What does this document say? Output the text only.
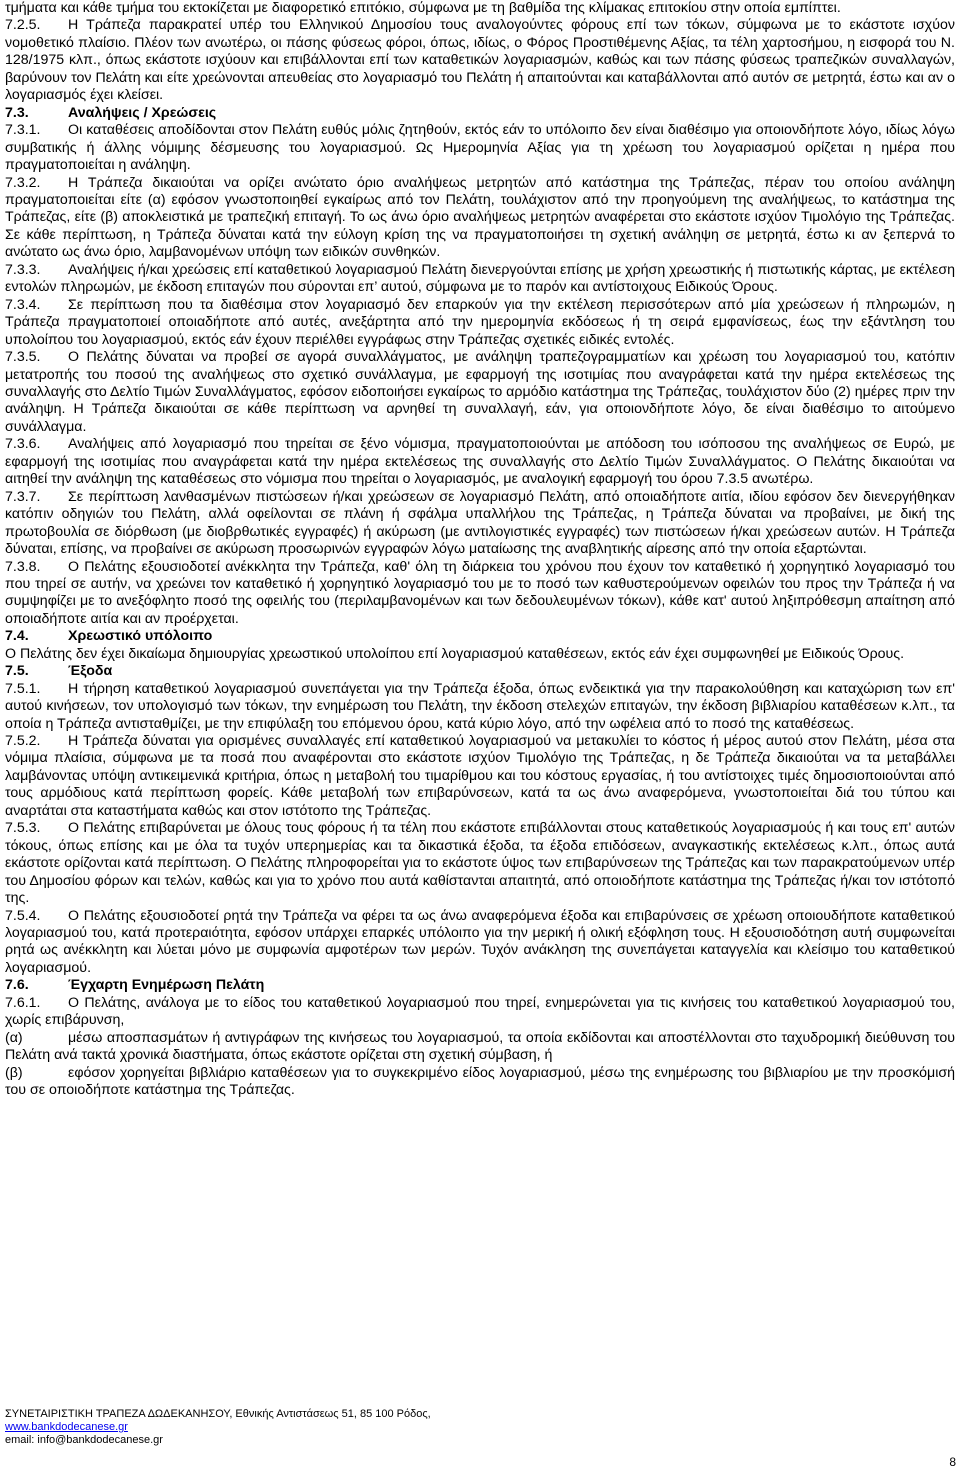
τμήματα και κάθε τμήμα του εκτοκίζεται με διαφορετικό επιτόκιο, σύμφωνα με τη βαθμίδα της κλίμακας επιτοκίου στην οποία εμπίπτει.

7.2.5. Η Τράπεζα παρακρατεί υπέρ του Ελληνικού Δημοσίου τους αναλογούντες φόρους επί των τόκων, σύμφωνα με το εκάστοτε ισχύον νομοθετικό πλαίσιο. Πλέον των ανωτέρω, οι πάσης φύσεως φόροι, όπως, ιδίως, ο Φόρος Προστιθέμενης Αξίας, τα τέλη χαρτοσήμου, η εισφορά του Ν. 128/1975 κλπ., όπως εκάστοτε ισχύουν και επιβάλλονται επί των καταθετικών λογαριασμών, καθώς και των πάσης φύσεως τραπεζικών συναλλαγών, βαρύνουν τον Πελάτη και είτε χρεώνονται απευθείας στο λογαριασμό του Πελάτη ή απαιτούνται και καταβάλλονται από αυτόν σε μετρητά, έστω και αν ο λογαριασμός έχει κλείσει.

7.3.	Αναλήψεις / Χρεώσεις

7.3.1. Οι καταθέσεις αποδίδονται στον Πελάτη ευθύς μόλις ζητηθούν, εκτός εάν το υπόλοιπο δεν είναι διαθέσιμο για οποιονδήποτε λόγο, ιδίως λόγω συμβατικής ή άλλης νόμιμης δέσμευσης του λογαριασμού. Ως Ημερομηνία Αξίας για τη χρέωση του λογαριασμού ορίζεται η ημέρα που πραγματοποιείται η ανάληψη.

7.3.2. Η Τράπεζα δικαιούται να ορίζει ανώτατο όριο αναλήψεως μετρητών από κατάστημα της Τράπεζας, πέραν του οποίου ανάληψη πραγματοποιείται είτε (α) εφόσον γνωστοποιηθεί εγκαίρως από τον Πελάτη, τουλάχιστον από την προηγούμενη της αναλήψεως, το κατάστημα της Τράπεζας, είτε (β) αποκλειστικά με τραπεζική επιταγή. Το ως άνω όριο αναλήψεως μετρητών αναφέρεται στο εκάστοτε ισχύον Τιμολόγιο της Τράπεζας. Σε κάθε περίπτωση, η Τράπεζα δύναται κατά την εύλογη κρίση της να πραγματοποιήσει τη σχετική ανάληψη σε μετρητά, έστω κι αν ξεπερνά το ανώτατο ως άνω όριο, λαμβανομένων υπόψη των ειδικών συνθηκών.

7.3.3. Αναλήψεις ή/και χρεώσεις επί καταθετικού λογαριασμού Πελάτη διενεργούνται επίσης με χρήση χρεωστικής ή πιστωτικής κάρτας, με εκτέλεση εντολών πληρωμών, με έκδοση επιταγών που σύρονται επ’ αυτού, σύμφωνα με το παρόν και αντίστοιχους Ειδικούς Όρους.

7.3.4. Σε περίπτωση που τα διαθέσιμα στον λογαριασμό δεν επαρκούν για την εκτέλεση περισσότερων από μία χρεώσεων ή πληρωμών, η Τράπεζα πραγματοποιεί οποιαδήποτε από αυτές, ανεξάρτητα από την ημερομηνία εκδόσεως ή τη σειρά εμφανίσεως, έως την εξάντληση του υπολοίπου του λογαριασμού, εκτός εάν έχουν περιέλθει εγγράφως στην Τράπεζας σχετικές ειδικές εντολές.

7.3.5. Ο Πελάτης δύναται να προβεί σε αγορά συναλλάγματος, με ανάληψη τραπεζογραμματίων και χρέωση του λογαριασμού του, κατόπιν μετατροπής του ποσού της αναλήψεως στο σχετικό συνάλλαγμα, με εφαρμογή της ισοτιμίας που αναγράφεται κατά την ημέρα εκτελέσεως της συναλλαγής στο Δελτίο Τιμών Συναλλάγματος, εφόσον ειδοποιήσει εγκαίρως το αρμόδιο κατάστημα της Τράπεζας, τουλάχιστον δύο (2) ημέρες πριν την ανάληψη. Η Τράπεζα δικαιούται σε κάθε περίπτωση να αρνηθεί τη συναλλαγή, εάν, για οποιονδήποτε λόγο, δε είναι διαθέσιμο το αιτούμενο συνάλλαγμα.

7.3.6. Αναλήψεις από λογαριασμό που τηρείται σε ξένο νόμισμα, πραγματοποιούνται με απόδοση του ισόποσου της αναλήψεως σε Ευρώ, με εφαρμογή της ισοτιμίας που αναγράφεται κατά την ημέρα εκτελέσεως της συναλλαγής στο Δελτίο Τιμών Συναλλάγματος. Ο Πελάτης δικαιούται να αιτηθεί την ανάληψη της καταθέσεως στο νόμισμα που τηρείται ο λογαριασμός, με αναλογική εφαρμογή του όρου 7.3.5 ανωτέρω.

7.3.7. Σε περίπτωση λανθασμένων πιστώσεων ή/και χρεώσεων σε λογαριασμό Πελάτη, από οποιαδήποτε αιτία, ιδίου εφόσον δεν διενεργήθηκαν κατόπιν οδηγιών του Πελάτη, αλλά οφείλονται σε πλάνη ή σφάλμα υπαλλήλου της Τράπεζας, η Τράπεζα δύναται να προβαίνει, με δική της πρωτοβουλία σε διόρθωση (με διοβρθωτικές εγγραφές) ή ακύρωση (με αντιλογιστικές εγγραφές) των πιστώσεων ή/και χρεώσεων αυτών. Η Τράπεζα δύναται, επίσης, να προβαίνει σε ακύρωση προσωρινών εγγραφών λόγω ματαίωσης της αναβλητικής αίρεσης από την οποία εξαρτώνται.

7.3.8. Ο Πελάτης εξουσιοδοτεί ανέκκλητα την Τράπεζα, καθ' όλη τη διάρκεια του χρόνου που έχουν τον καταθετικό ή χορηγητικό λογαριασμό του που τηρεί σε αυτήν, να χρεώνει τον καταθετικό ή χορηγητικό λογαριασμό του με το ποσό των καθυστερούμενων οφειλών του προς την Τράπεζα ή να συμψηφίζει με το ανεξόφλητο ποσό της οφειλής του (περιλαμβανομένων και των δεδουλευμένων τόκων), κάθε κατ' αυτού ληξιπρόθεσμη απαίτηση από οποιαδήποτε αιτία και αν προέρχεται.

7.4.	Χρεωστικό υπόλοιπο

Ο Πελάτης δεν έχει δικαίωμα δημιουργίας χρεωστικού υπολοίπου επί λογαριασμού καταθέσεων, εκτός εάν έχει συμφωνηθεί με Ειδικούς Όρους.

7.5.	Έξοδα

7.5.1. Η τήρηση καταθετικού λογαριασμού συνεπάγεται για την Τράπεζα έξοδα, όπως ενδεικτικά για την παρακολούθηση και καταχώριση των επ' αυτού κινήσεων, τον υπολογισμό των τόκων, την ενημέρωση του Πελάτη, την έκδοση στελεχών επιταγών, την έκδοση βιβλιαρίου καταθέσεων κ.λπ., τα οποία η Τράπεζα αντισταθμίζει, με την επιφύλαξη του επόμενου όρου, κατά κύριο λόγο, από την ωφέλεια από το ποσό της καταθέσεως.

7.5.2. Η Τράπεζα δύναται για ορισμένες συναλλαγές επί καταθετικού λογαριασμού να μετακυλίει το κόστος ή μέρος αυτού στον Πελάτη, μέσα στα νόμιμα πλαίσια, σύμφωνα με τα ποσά που αναφέρονται στο εκάστοτε ισχύον Τιμολόγιο της Τράπεζας, η δε Τράπεζα δικαιούται να τα μεταβάλλει λαμβάνοντας υπόψη αντικειμενικά κριτήρια, όπως η μεταβολή του τιμαρίθμου και του κόστους εργασίας, ή του αντίστοιχες τιμές δημοσιοποιούνται από τους αρμόδιους κατά περίπτωση φορείς. Κάθε μεταβολή των επιβαρύνσεων, κατά τα ως άνω αναφερόμενα, γνωστοποιείται διά του τύπου και αναρτάται στα καταστήματα καθώς και στον ιστότοπο της Τράπεζας.

7.5.3. Ο Πελάτης επιβαρύνεται με όλους τους φόρους ή τα τέλη που εκάστοτε επιβάλλονται στους καταθετικούς λογαριασμούς ή και τους επ' αυτών τόκους, όπως επίσης και με όλα τα τυχόν υπερημερίας και τα δικαστικά έξοδα, τα έξοδα επιδόσεων, αναγκαστικής εκτελέσεως κ.λπ., όπως αυτά εκάστοτε ορίζονται κατά περίπτωση. Ο Πελάτης πληροφορείται για το εκάστοτε ύψος των επιβαρύνσεων της Τράπεζας και των παρακρατούμενων υπέρ του Δημοσίου φόρων και τελών, καθώς και για το χρόνο που αυτά καθίστανται απαιτητά, από οποιοδήποτε κατάστημα της Τράπεζας ή/και τον ιστότοπό της.

7.5.4. Ο Πελάτης εξουσιοδοτεί ρητά την Τράπεζα να φέρει τα ως άνω αναφερόμενα έξοδα και επιβαρύνσεις σε χρέωση οποιουδήποτε καταθετικού λογαριασμού του, κατά προτεραιότητα, εφόσον υπάρχει επαρκές υπόλοιπο για την μερική ή ολική εξόφληση τους. Η εξουσιοδότηση αυτή συμφωνείται ρητά ως ανέκκλητη και λύεται μόνο με συμφωνία αμφοτέρων των μερών. Τυχόν ανάκληση της συνεπάγεται καταγγελία και κλείσιμο του καταθετικού λογαριασμού.

7.6.	Έγχαρτη Ενημέρωση Πελάτη

7.6.1. Ο Πελάτης, ανάλογα με το είδος του καταθετικού λογαριασμού που τηρεί, ενημερώνεται για τις κινήσεις του καταθετικού λογαριασμού του, χωρίς επιβάρυνση,

(α)	μέσω αποσπασμάτων ή αντιγράφων της κινήσεως του λογαριασμού, τα οποία εκδίδονται και αποστέλλονται στο ταχυδρομική διεύθυνση του Πελάτη ανά τακτά χρονικά διαστήματα, όπως εκάστοτε ορίζεται στη σχετική σύμβαση, ή

(β)	εφόσον χορηγείται βιβλιάριο καταθέσεων για το συγκεκριμένο είδος λογαριασμού, μέσω της ενημέρωσης του βιβλιαρίου με την προσκόμισή του σε οποιοδήποτε κατάστημα της Τράπεζας.

ΣΥΝΕΤΑΙΡΙΣΤΙΚΗ ΤΡΑΠΕΖΑ ΔΩΔΕΚΑΝΗΣΟΥ, Εθνικής Αντιστάσεως 51, 85 100 Ρόδος,
www.bankdodecanese.gr
email: info@bankdodecanese.gr
8
